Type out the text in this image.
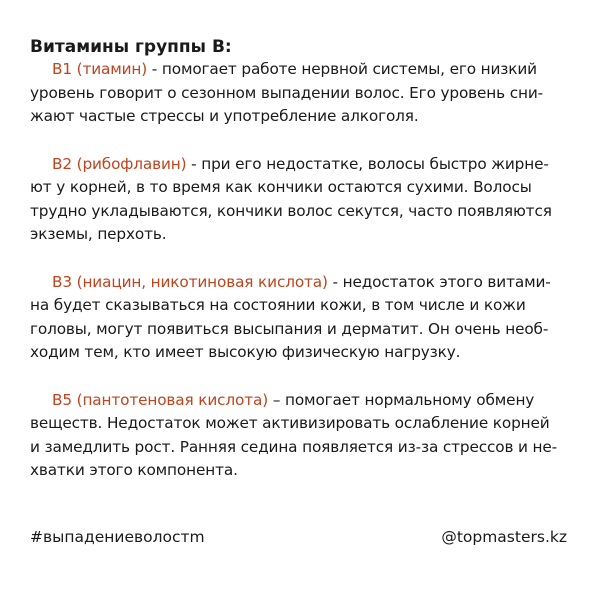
Витамины группы В:

В1 (тиамин) - помогает работе нервной системы, его низкий
уровень говорит о сезонном выпадении волос. Его уровень сни-
жают частые стрессы и употребление алкоголя.

В2 (рибофлавин) - при его недостатке, волосы быстро жирне-
ют у корней, в то время как кончики остаются сухими. Волосы
трудно укладываются, кончики волос секутся, часто появляются
экземы, перхоть.

В3 (ниацин, никотиновая кислота) - недостаток этого витами-
на будет сказываться на состоянии кожи, в том числе и кожи
головы, могут появиться высыпания и дерматит. Он очень необ-
ходим тем, кто имеет высокую физическую нагрузку.

В5 (пантотеновая кислота) – помогает нормальному обмену
веществ. Недостаток может активизировать ослабление корней
и замедлить рост. Ранняя седина появляется из-за стрессов и не-
хватки этого компонента.

#выпадениеволостm	@topmasters.kz
